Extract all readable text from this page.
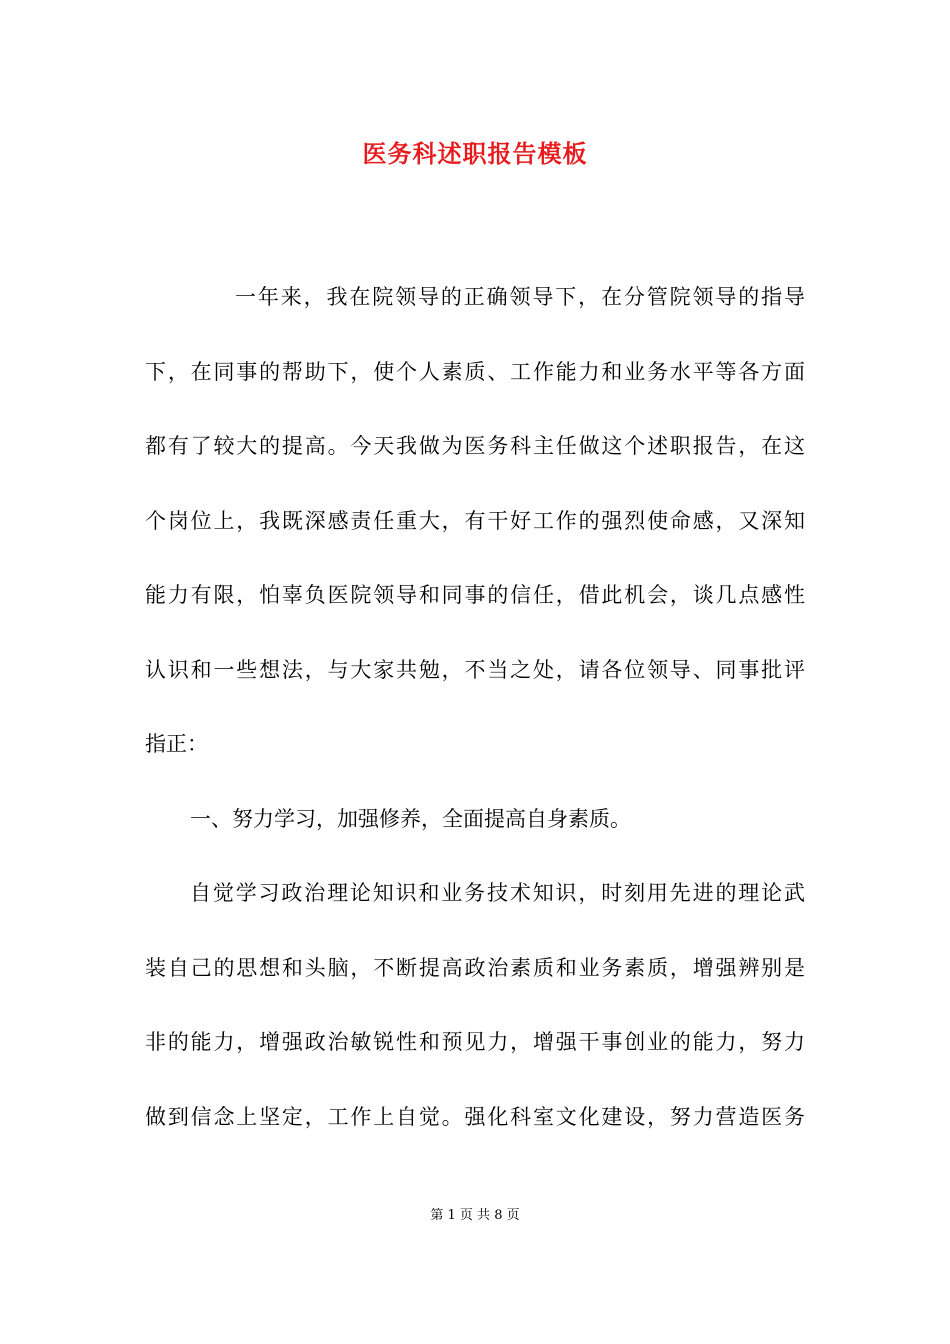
医务科述职报告模板
一年来，我在院领导的正确领导下，在分管院领导的指导
下，在同事的帮助下，使个人素质、工作能力和业务水平等各方面
都有了较大的提高。今天我做为医务科主任做这个述职报告，在这
个岗位上，我既深感责任重大，有干好工作的强烈使命感，又深知
能力有限，怕辜负医院领导和同事的信任，借此机会，谈几点感性
认识和一些想法，与大家共勉，不当之处，请各位领导、同事批评
指正：
一、努力学习，加强修养，全面提高自身素质。
自觉学习政治理论知识和业务技术知识，时刻用先进的理论武
装自己的思想和头脑，不断提高政治素质和业务素质，增强辨别是
非的能力，增强政治敏锐性和预见力，增强干事创业的能力，努力
做到信念上坚定，工作上自觉。强化科室文化建设，努力营造医务
第 1 页 共 8 页
